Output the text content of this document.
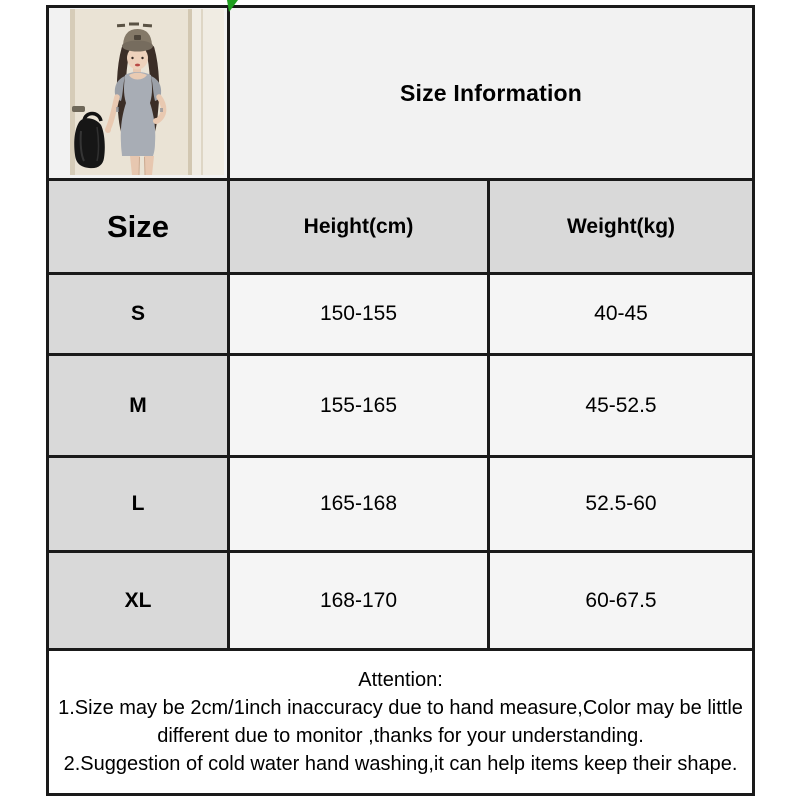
	Size Information	
Size	Height(cm)	Weight(kg)
S	150-155	40-45
M	155-165	45-52.5
L	165-168	52.5-60
XL	168-170	60-67.5

Attention:
1.Size may be 2cm/1inch inaccuracy due to hand measure,Color may be little different due to monitor ,thanks for your understanding.
2.Suggestion of cold water hand washing,it can help items keep their shape.		
